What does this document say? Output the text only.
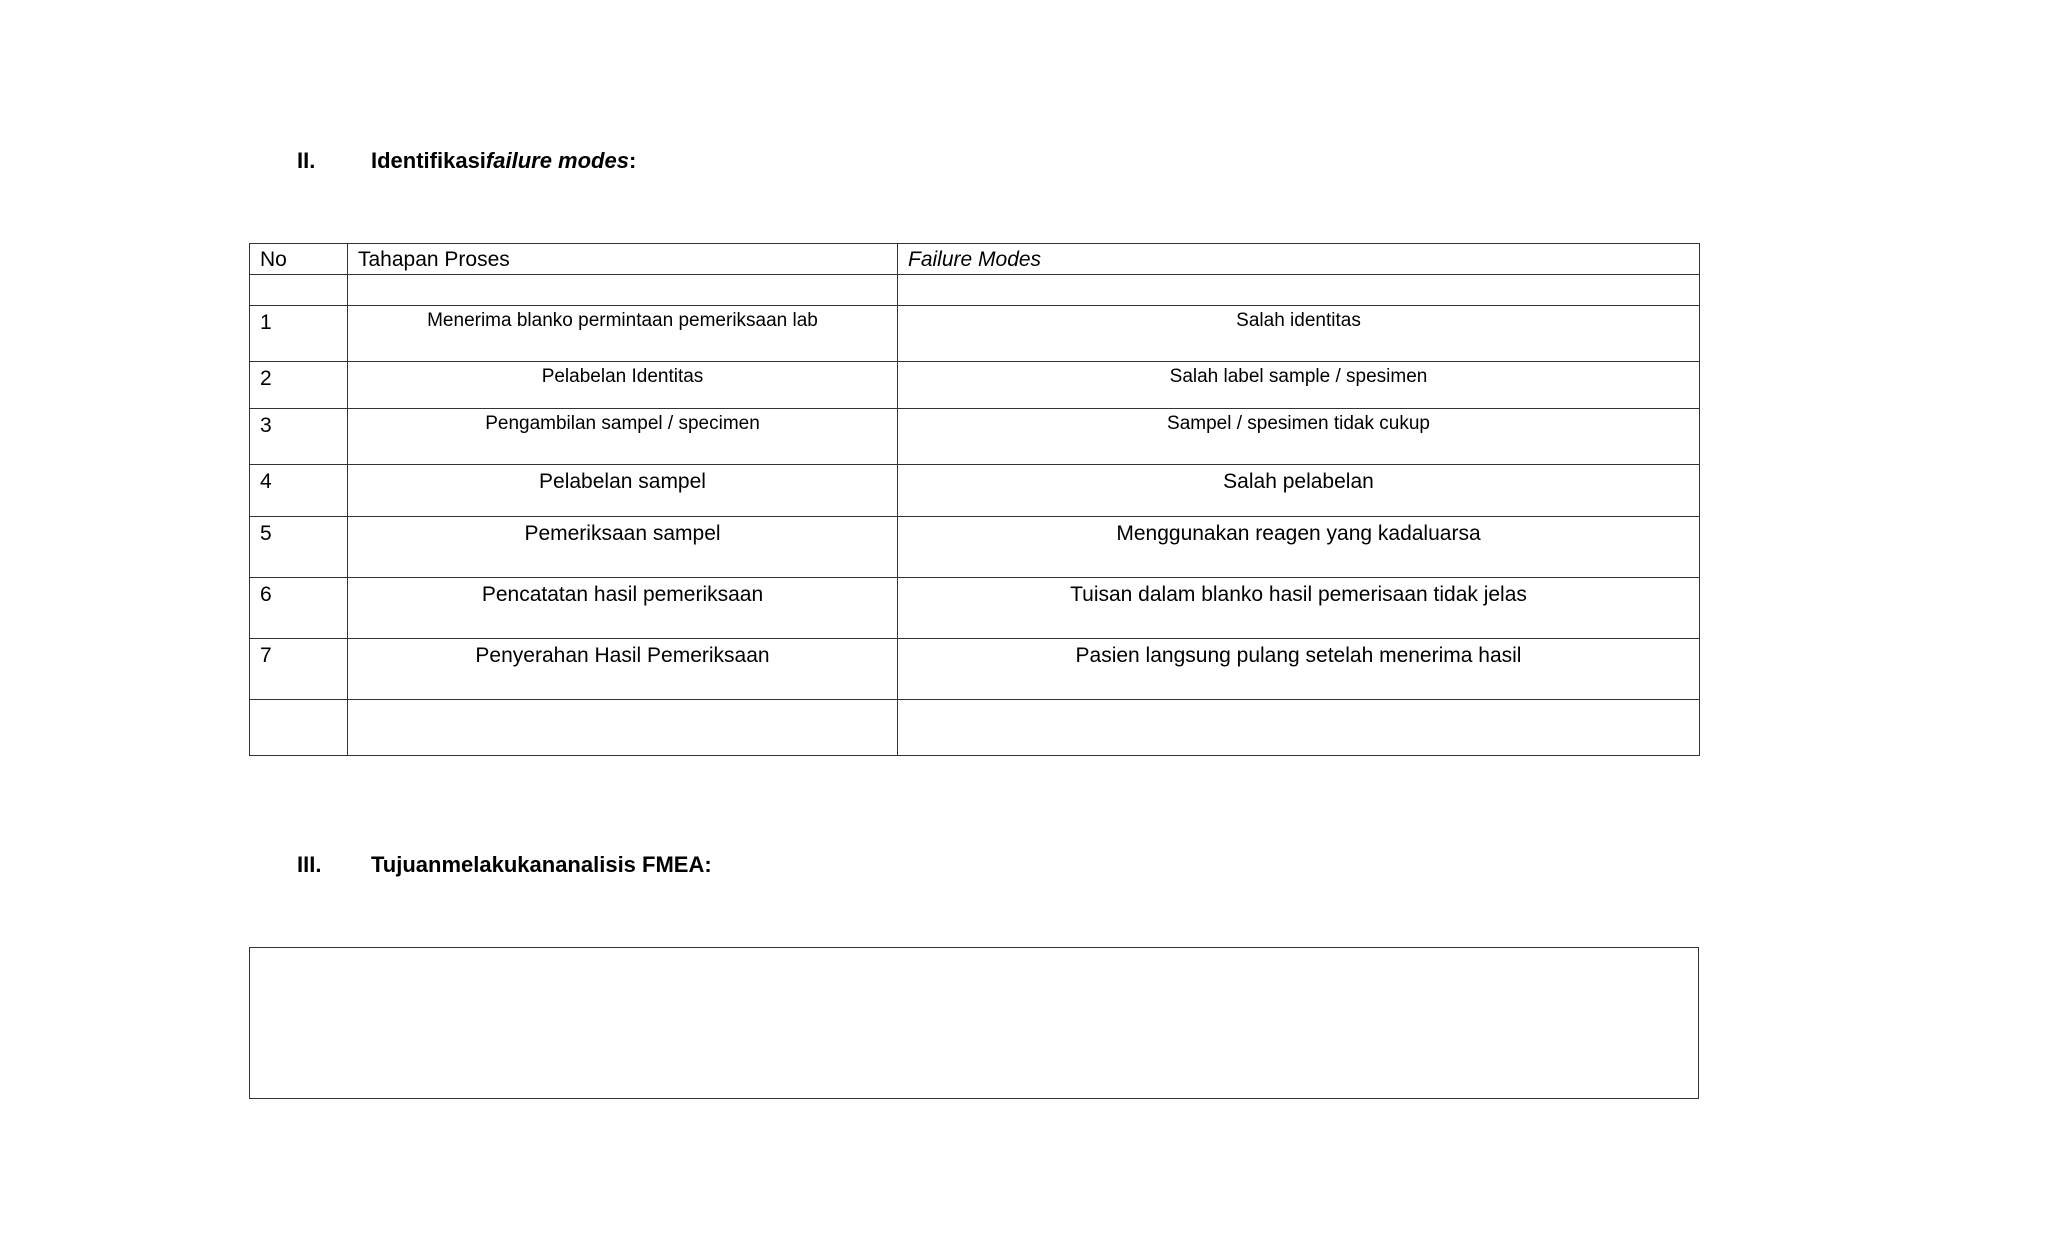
II.	Identifikasifailure modes:
No	Tahapan Proses	Failure Modes

1	Menerima blanko permintaan pemeriksaan lab	Salah identitas
2	Pelabelan Identitas	Salah label sample / spesimen
3	Pengambilan sampel / specimen	Sampel / spesimen tidak cukup
4	Pelabelan sampel	Salah pelabelan
5	Pemeriksaan sampel	Menggunakan reagen yang kadaluarsa
6	Pencatatan hasil pemeriksaan	Tuisan dalam blanko hasil pemerisaan tidak jelas
7	Penyerahan Hasil Pemeriksaan	Pasien langsung pulang setelah menerima hasil

III. Tujuanmelakukananalisis FMEA:
